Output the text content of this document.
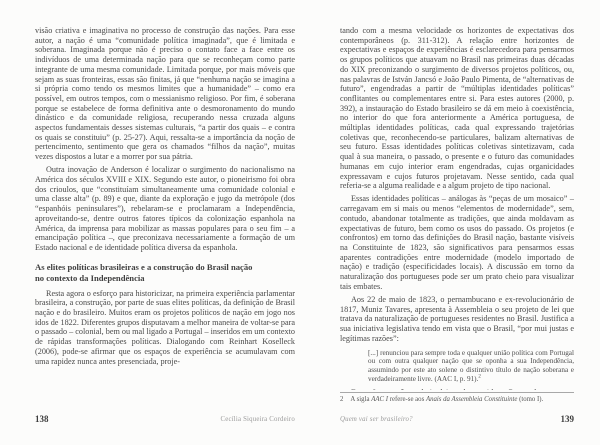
visão criativa e imaginativa no processo de construção das nações. Para esse autor, a nação é uma “comunidade política imaginada”, que é limitada e soberana. Imaginada porque não é preciso o contato face a face entre os indivíduos de uma determinada nação para que se reconheçam como parte integrante de uma mesma comunidade. Limitada porque, por mais móveis que sejam as suas fronteiras, essas são finitas, já que “nenhuma nação se imagina a si própria como tendo os mesmos limites que a humanidade” – como era possível, em outros tempos, com o messianismo religioso. Por fim, é soberana porque se estabelece de forma definitiva ante o desmoronamento do mundo dinástico e da comunidade religiosa, recuperando nessa cruzada alguns aspectos fundamentais desses sistemas culturais, “a partir dos quais – e contra os quais se constituiu” (p. 25-27). Aqui, ressalta-se a importância da noção de pertencimento, sentimento que gera os chamados “filhos da nação”, muitas vezes dispostos a lutar e a morrer por sua pátria.
Outra inovação de Anderson é localizar o surgimento do nacionalismo na América dos séculos XVIII e XIX. Segundo este autor, o pioneirismo foi obra dos crioulos, que “constituíam simultaneamente uma comunidade colonial e uma classe alta” (p. 89) e que, diante da exploração e jugo da metrópole (dos “espanhóis peninsulares”), rebelaram-se e proclamaram a Independência, aproveitando-se, dentre outros fatores típicos da colonização espanhola na América, da imprensa para mobilizar as massas populares para o seu fim – a emancipação política –, que preconizava necessariamente a formação de um Estado nacional e de identidade política diversa da espanhola.
As elites políticas brasileiras e a construção do Brasil nação
no contexto da Independência
Resta agora o esforço para historicizar, na primeira experiência parlamentar brasileira, a construção, por parte de suas elites políticas, da definição de Brasil nação e do brasileiro. Muitos eram os projetos políticos de nação em jogo nos idos de 1822. Diferentes grupos disputavam a melhor maneira de voltar-se para o passado – colonial, bem ou mal ligado a Portugal – inseridos em um contexto de rápidas transformações políticas. Dialogando com Reinhart Koselleck (2006), pode-se afirmar que os espaços de experiência se acumulavam com uma rapidez nunca antes presenciada, proje-
138	Cecília Siqueira Cordeiro
tando com a mesma velocidade os horizontes de expectativas dos contemporâneos (p. 311-312). A relação entre horizontes de expectativas e espaços de experiências é esclarecedora para pensarmos os grupos políticos que atuavam no Brasil nas primeiras duas décadas do XIX preconizando o surgimento de diversos projetos políticos, ou, nas palavras de István Jancsó e João Paulo Pimenta, de “alternativas de futuro”, engendradas a partir de “múltiplas identidades políticas” conflitantes ou complementares entre si. Para estes autores (2000, p. 392), a instauração do Estado brasileiro se dá em meio à coexistência, no interior do que fora anteriormente a América portuguesa, de múltiplas identidades políticas, cada qual expressando trajetórias coletivas que, reconhecendo-se particulares, balizam alternativas de seu futuro. Essas identidades políticas coletivas sintetizavam, cada qual à sua maneira, o passado, o presente e o futuro das comunidades humanas em cujo interior eram engendradas, cujas organicidades expressavam e cujos futuros projetavam. Nesse sentido, cada qual referia-se a alguma realidade e a algum projeto de tipo nacional.
Essas identidades políticas – análogas às “peças de um mosaico” – carregavam em si mais ou menos “elementos de modernidade”, sem, contudo, abandonar totalmente as tradições, que ainda moldavam as expectativas de futuro, bem como os usos do passado. Os projetos (e confrontos) em torno das definições do Brasil nação, bastante visíveis na Constituinte de 1823, são significativos para pensarmos essas aparentes contradições entre modernidade (modelo importado de nação) e tradição (especificidades locais). A discussão em torno da naturalização dos portugueses pode ser um prato cheio para visualizar tais embates.
Aos 22 de maio de 1823, o pernambucano e ex-revolucionário de 1817, Muniz Tavares, apresenta à Assembleia o seu projeto de lei que tratava da naturalização de portugueses residentes no Brasil. Justifica a sua iniciativa legislativa tendo em vista que o Brasil, “por mui justas e legítimas razões”:
[...] renunciou para sempre toda e qualquer união política com Portugal ou com outra qualquer nação que se oponha a sua Independência, assumindo por este ato solene o distintivo título de nação soberana e verdadeiramente livre. (AAC I, p. 91).$^2$
2 A sigla AAC I refere-se aos Anais da Assembleia Constituinte (tomo I).
Quem vai ser brasileiro?	139
